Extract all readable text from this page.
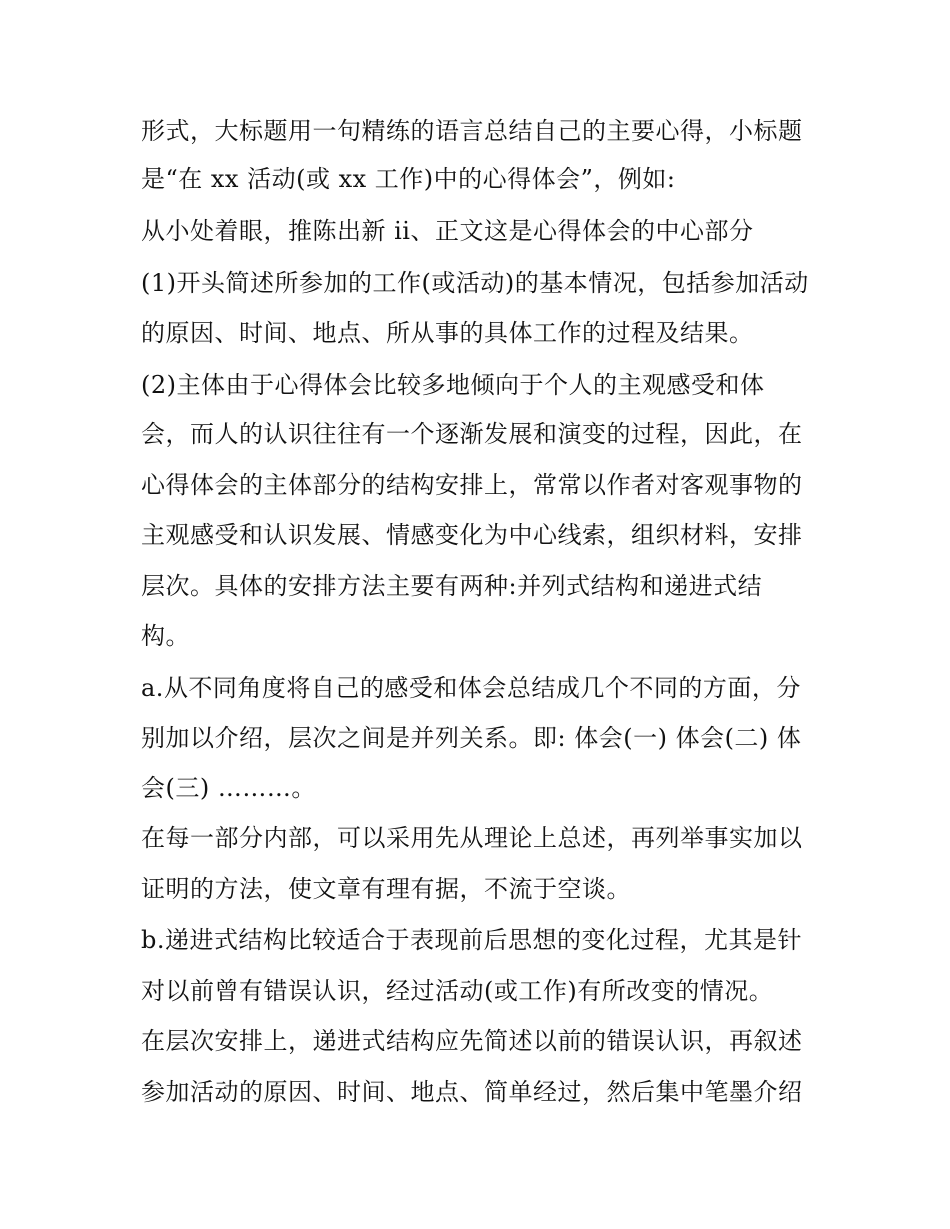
形式，大标题用一句精练的语言总结自己的主要心得，小标题
是“在 xx 活动(或 xx 工作)中的心得体会”，例如:
从小处着眼，推陈出新 ii、正文这是心得体会的中心部分
(1)开头简述所参加的工作(或活动)的基本情况，包括参加活动
的原因、时间、地点、所从事的具体工作的过程及结果。
(2)主体由于心得体会比较多地倾向于个人的主观感受和体
会，而人的认识往往有一个逐渐发展和演变的过程，因此，在
心得体会的主体部分的结构安排上，常常以作者对客观事物的
主观感受和认识发展、情感变化为中心线索，组织材料，安排
层次。具体的安排方法主要有两种:并列式结构和递进式结
构。
a.从不同角度将自己的感受和体会总结成几个不同的方面，分
别加以介绍，层次之间是并列关系。即: 体会(一) 体会(二) 体
会(三) ………。
在每一部分内部，可以采用先从理论上总述，再列举事实加以
证明的方法，使文章有理有据，不流于空谈。
b.递进式结构比较适合于表现前后思想的变化过程，尤其是针
对以前曾有错误认识，经过活动(或工作)有所改变的情况。
在层次安排上，递进式结构应先简述以前的错误认识，再叙述
参加活动的原因、时间、地点、简单经过，然后集中笔墨介绍
